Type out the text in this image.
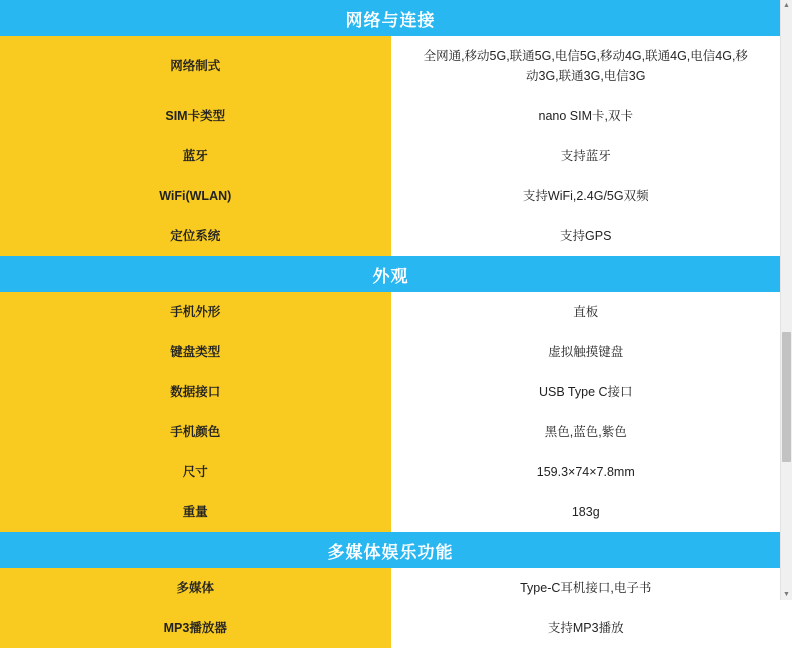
网络与连接	
网络制式	全网通,移动5G,联通5G,电信5G,移动4G,联通4G,电信4G,移动3G,联通3G,电信3G
SIM卡类型	nano SIM卡,双卡
蓝牙	支持蓝牙
WiFi(WLAN)	支持WiFi,2.4G/5G双频
定位系统	支持GPS
外观	
手机外形	直板
键盘类型	虚拟触摸键盘
数据接口	USB Type C接口
手机颜色	黑色,蓝色,紫色
尺寸	159.3×74×7.8mm
重量	183g
多媒体娱乐功能	
多媒体	Type-C耳机接口,电子书
MP3播放器	支持MP3播放
▲
▼
